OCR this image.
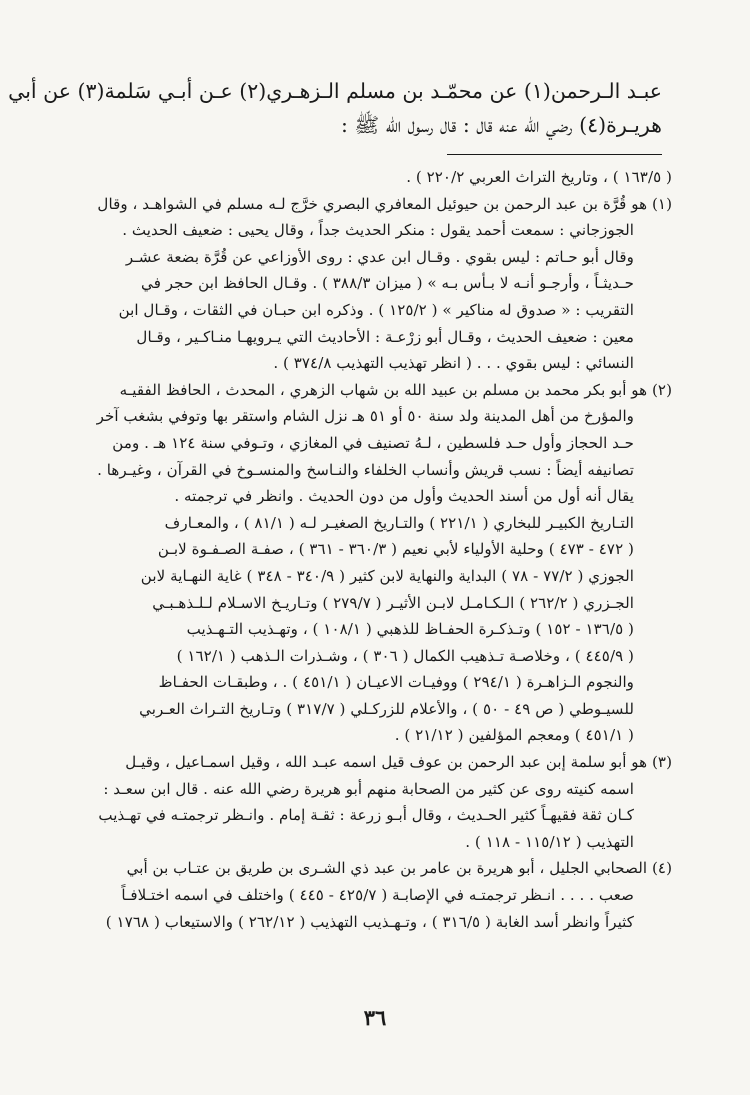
عبـد الـرحمن(١) عن محمّـد بن مسلم الـزهـري(٢) عـن أبـي سَلمة(٣) عن أبي
هريـرة(٤) رضي الله عنه قال : قال رسول الله ﷺ :
( ١٦٣/٥ ) ، وتاريخ التراث العربي ٢٢٠/٢ ) .
(١) هو قُرَّة بن عبد الرحمن بن حيوئيل المعافري البصري خرَّج لـه مسلم في الشواهـد ، وقال
الجوزجاني : سمعت أحمد يقول : منكر الحديث جداً ، وقال يحيى : ضعيف الحديث .
وقال أبو حـاتم : ليس بقوي . وقـال ابن عدي : روى الأوزاعي عن قُرَّة بضعة عشـر
حـديثـاً ، وأرجـو أنـه لا بـأس بـه » ( ميزان ٣٨٨/٣ ) . وقـال الحافظ ابن حجر في
التقريب : « صدوق له مناكير » ( ١٢٥/٢ ) . وذكره ابن حبـان في الثقات ، وقـال ابن
معين : ضعيف الحديث ، وقـال أبو زرْعـة : الأحاديث التي يـرويهـا منـاكـير ، وقـال
النسائي : ليس بقوي . . . ( انظر تهذيب التهذيب ٣٧٤/٨ ) .
(٢) هو أبو بكر محمد بن مسلم بن عبيد الله بن شهاب الزهري ، المحدث ، الحافظ الفقيـه
والمؤرخ من أهل المدينة ولد سنة ٥٠ أو ٥١ هـ نزل الشام واستقر بها وتوفي بشغب آخر
حـد الحجاز وأول حـد فلسطين ، لـهُ تصنيف في المغازي ، وتـوفي سنة ١٢٤ هـ . ومن
تصانيفه أيضاً : نسب قريش وأنساب الخلفاء والنـاسخ والمنسـوخ في القرآن ، وغيـرها .
يقال أنه أول من أسند الحديث وأول من دون الحديث . وانظر في ترجمته .
التـاريخ الكبيـر للبخاري ( ٢٢١/١ ) والتـاريخ الصغيـر لـه ( ٨١/١ ) ، والمعـارف
( ٤٧٢ - ٤٧٣ ) وحلية الأولياء لأبي نعيم ( ٣٦٠/٣ - ٣٦١ ) ، صفـة الصـفـوة لابـن
الجوزي ( ٧٧/٢ - ٧٨ ) البداية والنهاية لابن كثير ( ٣٤٠/٩ - ٣٤٨ ) غاية النهـاية لابن
الجـزري ( ٢٦٢/٢ ) الـكـامـل لابـن الأثيـر ( ٢٧٩/٧ ) وتـاريـخ الاسـلام لـلـذهـبـي
( ١٣٦/٥ - ١٥٢ ) وتـذكـرة الحفـاظ للذهبي ( ١٠٨/١ ) ، وتهـذيب التـهـذيب
( ٤٤٥/٩ ) ، وخلاصـة تـذهيب الكمال ( ٣٠٦ ) ، وشـذرات الـذهب ( ١٦٢/١ )
والنجوم الـزاهـرة ( ٢٩٤/١ ) ووفيـات الاعيـان ( ٤٥١/١ ) . ، وطبقـات الحفـاظ
للسيـوطي ( ص ٤٩ - ٥٠ ) ، والأعلام للزركـلي ( ٣١٧/٧ ) وتـاريخ التـراث العـربي
( ٤٥١/١ ) ومعجم المؤلفين ( ٢١/١٢ ) .
(٣) هو أبو سلمة إبن عبد الرحمن بن عوف قيل اسمه عبـد الله ، وقيل اسمـاعيل ، وقيـل
اسمه كنيته روى عن كثير من الصحابة منهم أبو هريرة رضي الله عنه . قال ابن سعـد :
كـان ثقة فقيهـاً كثير الحـديث ، وقال أبـو زرعة : ثقـة إمام . وانـظر ترجمتـه في تهـذيب
التهذيب ( ١١٥/١٢ - ١١٨ ) .
(٤) الصحابي الجليل ، أبو هريرة بن عامر بن عبد ذي الشـرى بن طريق بن عتـاب بن أبي
صعب . . . . انـظر ترجمتـه في الإصابـة ( ٤٢٥/٧ - ٤٤٥ ) واختلف في اسمه اختـلافـاً
كثيراً وانظر أسد الغابة ( ٣١٦/٥ ) ، وتـهـذيب التهذيب ( ٢٦٢/١٢ ) والاستيعاب ( ١٧٦٨ )
٣٦
